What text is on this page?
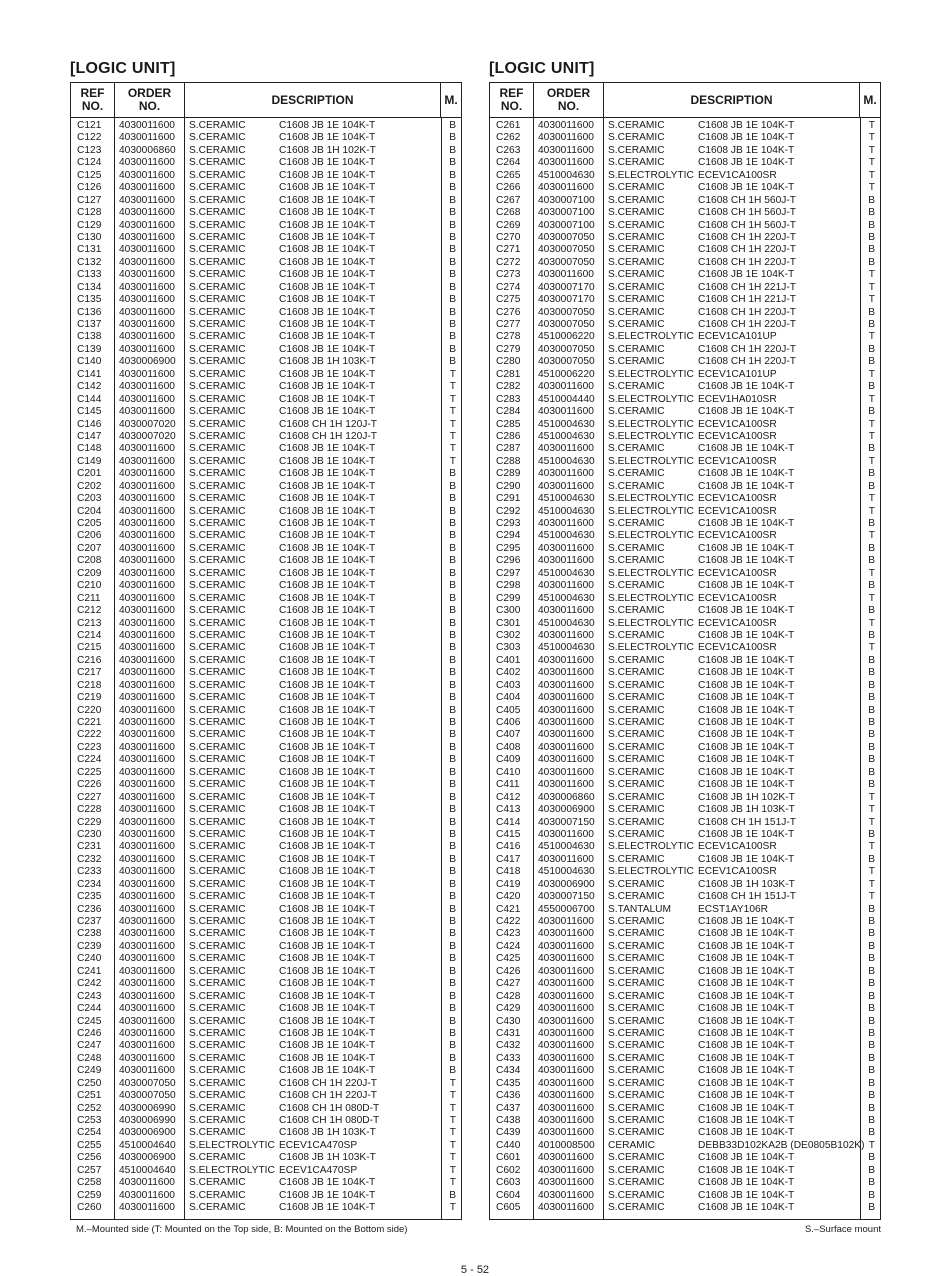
[LOGIC UNIT]	[LOGIC UNIT]
REF NO.
ORDER NO.	DESCRIPTION	M.
C121 4030011600 S.CERAMIC	C1608 JB 1E 104K-T	B
C122 4030011600 S.CERAMIC	C1608 JB 1E 104K-T	B
C123 4030006860 S.CERAMIC	C1608 JB 1H 102K-T	B
C124 4030011600 S.CERAMIC	C1608 JB 1E 104K-T	B
C125 4030011600 S.CERAMIC	C1608 JB 1E 104K-T	B
C126 4030011600 S.CERAMIC	C1608 JB 1E 104K-T	B
C127 4030011600 S.CERAMIC	C1608 JB 1E 104K-T	B
C128 4030011600 S.CERAMIC	C1608 JB 1E 104K-T	B
C129 4030011600 S.CERAMIC	C1608 JB 1E 104K-T	B
C130 4030011600 S.CERAMIC	C1608 JB 1E 104K-T	B
C131 4030011600 S.CERAMIC	C1608 JB 1E 104K-T	B
C132 4030011600 S.CERAMIC	C1608 JB 1E 104K-T	B
C133 4030011600 S.CERAMIC	C1608 JB 1E 104K-T	B
C134 4030011600 S.CERAMIC	C1608 JB 1E 104K-T	B
C135 4030011600 S.CERAMIC	C1608 JB 1E 104K-T	B
C136 4030011600 S.CERAMIC	C1608 JB 1E 104K-T	B
C137 4030011600 S.CERAMIC	C1608 JB 1E 104K-T	B
C138 4030011600 S.CERAMIC	C1608 JB 1E 104K-T	B
C139 4030011600 S.CERAMIC	C1608 JB 1E 104K-T	B
C140 4030006900 S.CERAMIC	C1608 JB 1H 103K-T	B
C141 4030011600 S.CERAMIC	C1608 JB 1E 104K-T	T
C142 4030011600 S.CERAMIC	C1608 JB 1E 104K-T	T
C144 4030011600 S.CERAMIC	C1608 JB 1E 104K-T	T
C145 4030011600 S.CERAMIC	C1608 JB 1E 104K-T	T
C146 4030007020 S.CERAMIC	C1608 CH 1H 120J-T	T
C147 4030007020 S.CERAMIC	C1608 CH 1H 120J-T	T
C148 4030011600 S.CERAMIC	C1608 JB 1E 104K-T	T
C149 4030011600 S.CERAMIC	C1608 JB 1E 104K-T	T
C201 4030011600 S.CERAMIC	C1608 JB 1E 104K-T	B
C202 4030011600 S.CERAMIC	C1608 JB 1E 104K-T	B
C203 4030011600 S.CERAMIC	C1608 JB 1E 104K-T	B
C204 4030011600 S.CERAMIC	C1608 JB 1E 104K-T	B
C205 4030011600 S.CERAMIC	C1608 JB 1E 104K-T	B
C206 4030011600 S.CERAMIC	C1608 JB 1E 104K-T	B
C207 4030011600 S.CERAMIC	C1608 JB 1E 104K-T	B
C208 4030011600 S.CERAMIC	C1608 JB 1E 104K-T	B
C209 4030011600 S.CERAMIC	C1608 JB 1E 104K-T	B
C210 4030011600 S.CERAMIC	C1608 JB 1E 104K-T	B
C211 4030011600 S.CERAMIC	C1608 JB 1E 104K-T	B
C212 4030011600 S.CERAMIC	C1608 JB 1E 104K-T	B
C213 4030011600 S.CERAMIC	C1608 JB 1E 104K-T	B
C214 4030011600 S.CERAMIC	C1608 JB 1E 104K-T	B
C215 4030011600 S.CERAMIC	C1608 JB 1E 104K-T	B
C216 4030011600 S.CERAMIC	C1608 JB 1E 104K-T	B
C217 4030011600 S.CERAMIC	C1608 JB 1E 104K-T	B
C218 4030011600 S.CERAMIC	C1608 JB 1E 104K-T	B
C219 4030011600 S.CERAMIC	C1608 JB 1E 104K-T	B
C220 4030011600 S.CERAMIC	C1608 JB 1E 104K-T	B
C221 4030011600 S.CERAMIC	C1608 JB 1E 104K-T	B
C222 4030011600 S.CERAMIC	C1608 JB 1E 104K-T	B
C223 4030011600 S.CERAMIC	C1608 JB 1E 104K-T	B
C224 4030011600 S.CERAMIC	C1608 JB 1E 104K-T	B
C225 4030011600 S.CERAMIC	C1608 JB 1E 104K-T	B
C226 4030011600 S.CERAMIC	C1608 JB 1E 104K-T	B
C227 4030011600 S.CERAMIC	C1608 JB 1E 104K-T	B
C228 4030011600 S.CERAMIC	C1608 JB 1E 104K-T	B
C229 4030011600 S.CERAMIC	C1608 JB 1E 104K-T	B
C230 4030011600 S.CERAMIC	C1608 JB 1E 104K-T	B
C231 4030011600 S.CERAMIC	C1608 JB 1E 104K-T	B
C232 4030011600 S.CERAMIC	C1608 JB 1E 104K-T	B
C233 4030011600 S.CERAMIC	C1608 JB 1E 104K-T	B
C234 4030011600 S.CERAMIC	C1608 JB 1E 104K-T	B
C235 4030011600 S.CERAMIC	C1608 JB 1E 104K-T	B
C236 4030011600 S.CERAMIC	C1608 JB 1E 104K-T	B
C237 4030011600 S.CERAMIC	C1608 JB 1E 104K-T	B
C238 4030011600 S.CERAMIC	C1608 JB 1E 104K-T	B
C239 4030011600 S.CERAMIC	C1608 JB 1E 104K-T	B
C240 4030011600 S.CERAMIC	C1608 JB 1E 104K-T	B
C241 4030011600 S.CERAMIC	C1608 JB 1E 104K-T	B
C242 4030011600 S.CERAMIC	C1608 JB 1E 104K-T	B
C243 4030011600 S.CERAMIC	C1608 JB 1E 104K-T	B
C244 4030011600 S.CERAMIC	C1608 JB 1E 104K-T	B
C245 4030011600 S.CERAMIC	C1608 JB 1E 104K-T	B
C246 4030011600 S.CERAMIC	C1608 JB 1E 104K-T	B
C247 4030011600 S.CERAMIC	C1608 JB 1E 104K-T	B
C248 4030011600 S.CERAMIC	C1608 JB 1E 104K-T	B
C249 4030011600 S.CERAMIC	C1608 JB 1E 104K-T	B
C250 4030007050 S.CERAMIC	C1608 CH 1H 220J-T	T
C251 4030007050 S.CERAMIC	C1608 CH 1H 220J-T	T
C252 4030006990 S.CERAMIC	C1608 CH 1H 080D-T	T
C253 4030006990 S.CERAMIC	C1608 CH 1H 080D-T	T
C254 4030006900 S.CERAMIC	C1608 JB 1H 103K-T	T
C255 4510004640 S.ELECTROLYTIC ECEV1CA470SP	T
C256 4030006900 S.CERAMIC	C1608 JB 1H 103K-T	T
C257 4510004640 S.ELECTROLYTIC ECEV1CA470SP	T
C258 4030011600 S.CERAMIC	C1608 JB 1E 104K-T	T
C259 4030011600 S.CERAMIC	C1608 JB 1E 104K-T	B
C260 4030011600 S.CERAMIC	C1608 JB 1E 104K-T	T
REF NO.
ORDER NO.	DESCRIPTION	M.
C261 4030011600 S.CERAMIC	C1608 JB 1E 104K-T	T
C262 4030011600 S.CERAMIC	C1608 JB 1E 104K-T	T
C263 4030011600 S.CERAMIC	C1608 JB 1E 104K-T	T
C264 4030011600 S.CERAMIC	C1608 JB 1E 104K-T	T
C265 4510004630 S.ELECTROLYTIC ECEV1CA100SR	T
C266 4030011600 S.CERAMIC	C1608 JB 1E 104K-T	T
C267 4030007100 S.CERAMIC	C1608 CH 1H 560J-T	B
C268 4030007100 S.CERAMIC	C1608 CH 1H 560J-T	B
C269 4030007100 S.CERAMIC	C1608 CH 1H 560J-T	B
C270 4030007050 S.CERAMIC	C1608 CH 1H 220J-T	B
C271 4030007050 S.CERAMIC	C1608 CH 1H 220J-T	B
C272 4030007050 S.CERAMIC	C1608 CH 1H 220J-T	B
C273 4030011600 S.CERAMIC	C1608 JB 1E 104K-T	T
C274 4030007170 S.CERAMIC	C1608 CH 1H 221J-T	T
C275 4030007170 S.CERAMIC	C1608 CH 1H 221J-T	T
C276 4030007050 S.CERAMIC	C1608 CH 1H 220J-T	B
C277 4030007050 S.CERAMIC	C1608 CH 1H 220J-T	B
C278 4510006220 S.ELECTROLYTIC ECEV1CA101UP	T
C279 4030007050 S.CERAMIC	C1608 CH 1H 220J-T	B
C280 4030007050 S.CERAMIC	C1608 CH 1H 220J-T	B
C281 4510006220 S.ELECTROLYTIC ECEV1CA101UP	T
C282 4030011600 S.CERAMIC	C1608 JB 1E 104K-T	B
C283 4510004440 S.ELECTROLYTIC ECEV1HA010SR	T
C284 4030011600 S.CERAMIC	C1608 JB 1E 104K-T	B
C285 4510004630 S.ELECTROLYTIC ECEV1CA100SR	T
C286 4510004630 S.ELECTROLYTIC ECEV1CA100SR	T
C287 4030011600 S.CERAMIC	C1608 JB 1E 104K-T	B
C288 4510004630 S.ELECTROLYTIC ECEV1CA100SR	T
C289 4030011600 S.CERAMIC	C1608 JB 1E 104K-T	B
C290 4030011600 S.CERAMIC	C1608 JB 1E 104K-T	B
C291 4510004630 S.ELECTROLYTIC ECEV1CA100SR	T
C292 4510004630 S.ELECTROLYTIC ECEV1CA100SR	T
C293 4030011600 S.CERAMIC	C1608 JB 1E 104K-T	B
C294 4510004630 S.ELECTROLYTIC ECEV1CA100SR	T
C295 4030011600 S.CERAMIC	C1608 JB 1E 104K-T	B
C296 4030011600 S.CERAMIC	C1608 JB 1E 104K-T	B
C297 4510004630 S.ELECTROLYTIC ECEV1CA100SR	T
C298 4030011600 S.CERAMIC	C1608 JB 1E 104K-T	B
C299 4510004630 S.ELECTROLYTIC ECEV1CA100SR	T
C300 4030011600 S.CERAMIC	C1608 JB 1E 104K-T	B
C301 4510004630 S.ELECTROLYTIC ECEV1CA100SR	T
C302 4030011600 S.CERAMIC	C1608 JB 1E 104K-T	B
C303 4510004630 S.ELECTROLYTIC ECEV1CA100SR	T
C401 4030011600 S.CERAMIC	C1608 JB 1E 104K-T	B
C402 4030011600 S.CERAMIC	C1608 JB 1E 104K-T	B
C403 4030011600 S.CERAMIC	C1608 JB 1E 104K-T	B
C404 4030011600 S.CERAMIC	C1608 JB 1E 104K-T	B
C405 4030011600 S.CERAMIC	C1608 JB 1E 104K-T	B
C406 4030011600 S.CERAMIC	C1608 JB 1E 104K-T	B
C407 4030011600 S.CERAMIC	C1608 JB 1E 104K-T	B
C408 4030011600 S.CERAMIC	C1608 JB 1E 104K-T	B
C409 4030011600 S.CERAMIC	C1608 JB 1E 104K-T	B
C410 4030011600 S.CERAMIC	C1608 JB 1E 104K-T	B
C411 4030011600 S.CERAMIC	C1608 JB 1E 104K-T	B
C412 4030006860 S.CERAMIC	C1608 JB 1H 102K-T	T
C413 4030006900 S.CERAMIC	C1608 JB 1H 103K-T	T
C414 4030007150 S.CERAMIC	C1608 CH 1H 151J-T	T
C415 4030011600 S.CERAMIC	C1608 JB 1E 104K-T	B
C416 4510004630 S.ELECTROLYTIC ECEV1CA100SR	T
C417 4030011600 S.CERAMIC	C1608 JB 1E 104K-T	B
C418 4510004630 S.ELECTROLYTIC ECEV1CA100SR	T
C419 4030006900 S.CERAMIC	C1608 JB 1H 103K-T	T
C420 4030007150 S.CERAMIC	C1608 CH 1H 151J-T	T
C421 4550006700 S.TANTALUM	ECST1AY106R	B
C422 4030011600 S.CERAMIC	C1608 JB 1E 104K-T	B
C423 4030011600 S.CERAMIC	C1608 JB 1E 104K-T	B
C424 4030011600 S.CERAMIC	C1608 JB 1E 104K-T	B
C425 4030011600 S.CERAMIC	C1608 JB 1E 104K-T	B
C426 4030011600 S.CERAMIC	C1608 JB 1E 104K-T	B
C427 4030011600 S.CERAMIC	C1608 JB 1E 104K-T	B
C428 4030011600 S.CERAMIC	C1608 JB 1E 104K-T	B
C429 4030011600 S.CERAMIC	C1608 JB 1E 104K-T	B
C430 4030011600 S.CERAMIC	C1608 JB 1E 104K-T	B
C431 4030011600 S.CERAMIC	C1608 JB 1E 104K-T	B
C432 4030011600 S.CERAMIC	C1608 JB 1E 104K-T	B
C433 4030011600 S.CERAMIC	C1608 JB 1E 104K-T	B
C434 4030011600 S.CERAMIC	C1608 JB 1E 104K-T	B
C435 4030011600 S.CERAMIC	C1608 JB 1E 104K-T	B
C436 4030011600 S.CERAMIC	C1608 JB 1E 104K-T	B
C437 4030011600 S.CERAMIC	C1608 JB 1E 104K-T	B
C438 4030011600 S.CERAMIC	C1608 JB 1E 104K-T	B
C439 4030011600 S.CERAMIC	C1608 JB 1E 104K-T	B
C440 4010008500 CERAMIC	DEBB33D102KA2B (DE0805B102K) T
C601 4030011600 S.CERAMIC	C1608 JB 1E 104K-T	B
C602 4030011600 S.CERAMIC	C1608 JB 1E 104K-T	B
C603 4030011600 S.CERAMIC	C1608 JB 1E 104K-T	B
C604 4030011600 S.CERAMIC	C1608 JB 1E 104K-T	B
C605 4030011600 S.CERAMIC	C1608 JB 1E 104K-T	B
M.–Mounted side (T: Mounted on the Top side, B: Mounted on the Bottom side)	S.–Surface mount
5 - 52
